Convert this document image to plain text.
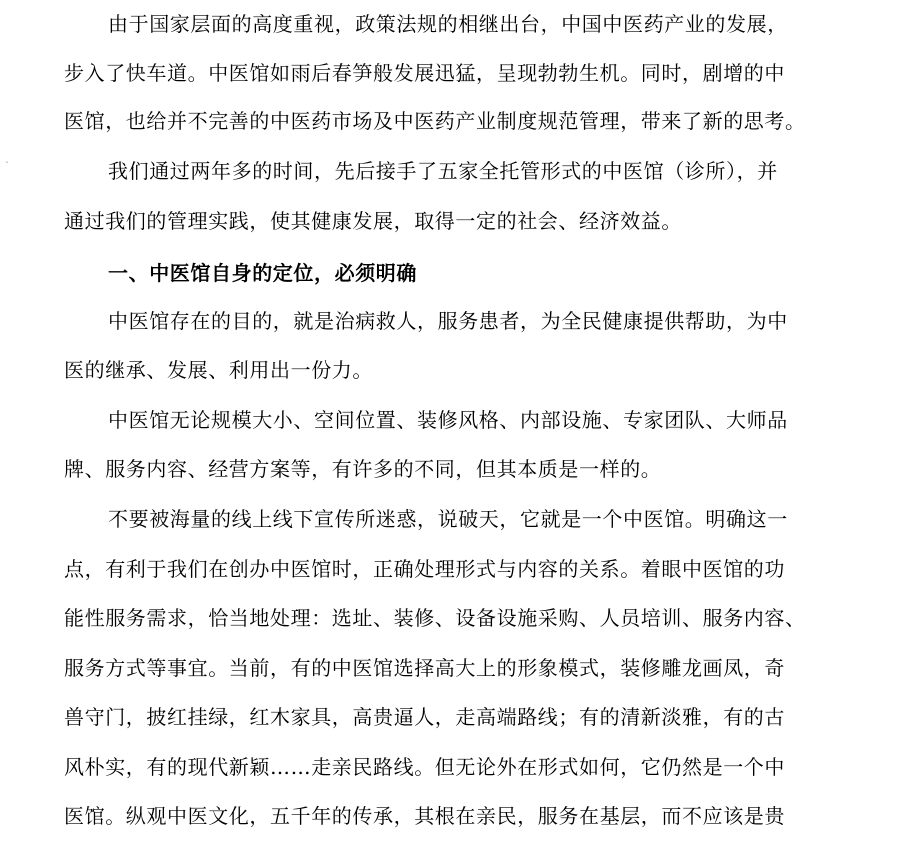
ˇ
由于国家层面的高度重视，政策法规的相继出台，中国中医药产业的发展，
步入了快车道。中医馆如雨后春笋般发展迅猛，呈现勃勃生机。同时，剧增的中
医馆，也给并不完善的中医药市场及中医药产业制度规范管理，带来了新的思考。
我们通过两年多的时间，先后接手了五家全托管形式的中医馆（诊所），并
通过我们的管理实践，使其健康发展，取得一定的社会、经济效益。
一、中医馆自身的定位，必须明确
中医馆存在的目的，就是治病救人，服务患者，为全民健康提供帮助，为中
医的继承、发展、利用出一份力。
中医馆无论规模大小、空间位置、装修风格、内部设施、专家团队、大师品
牌、服务内容、经营方案等，有许多的不同，但其本质是一样的。
不要被海量的线上线下宣传所迷惑，说破天，它就是一个中医馆。明确这一
点，有利于我们在创办中医馆时，正确处理形式与内容的关系。着眼中医馆的功
能性服务需求，恰当地处理：选址、装修、设备设施采购、人员培训、服务内容、
服务方式等事宜。当前，有的中医馆选择高大上的形象模式，装修雕龙画凤，奇
兽守门，披红挂绿，红木家具，高贵逼人，走高端路线；有的清新淡雅，有的古
风朴实，有的现代新颖……走亲民路线。但无论外在形式如何，它仍然是一个中
医馆。纵观中医文化，五千年的传承，其根在亲民，服务在基层，而不应该是贵
